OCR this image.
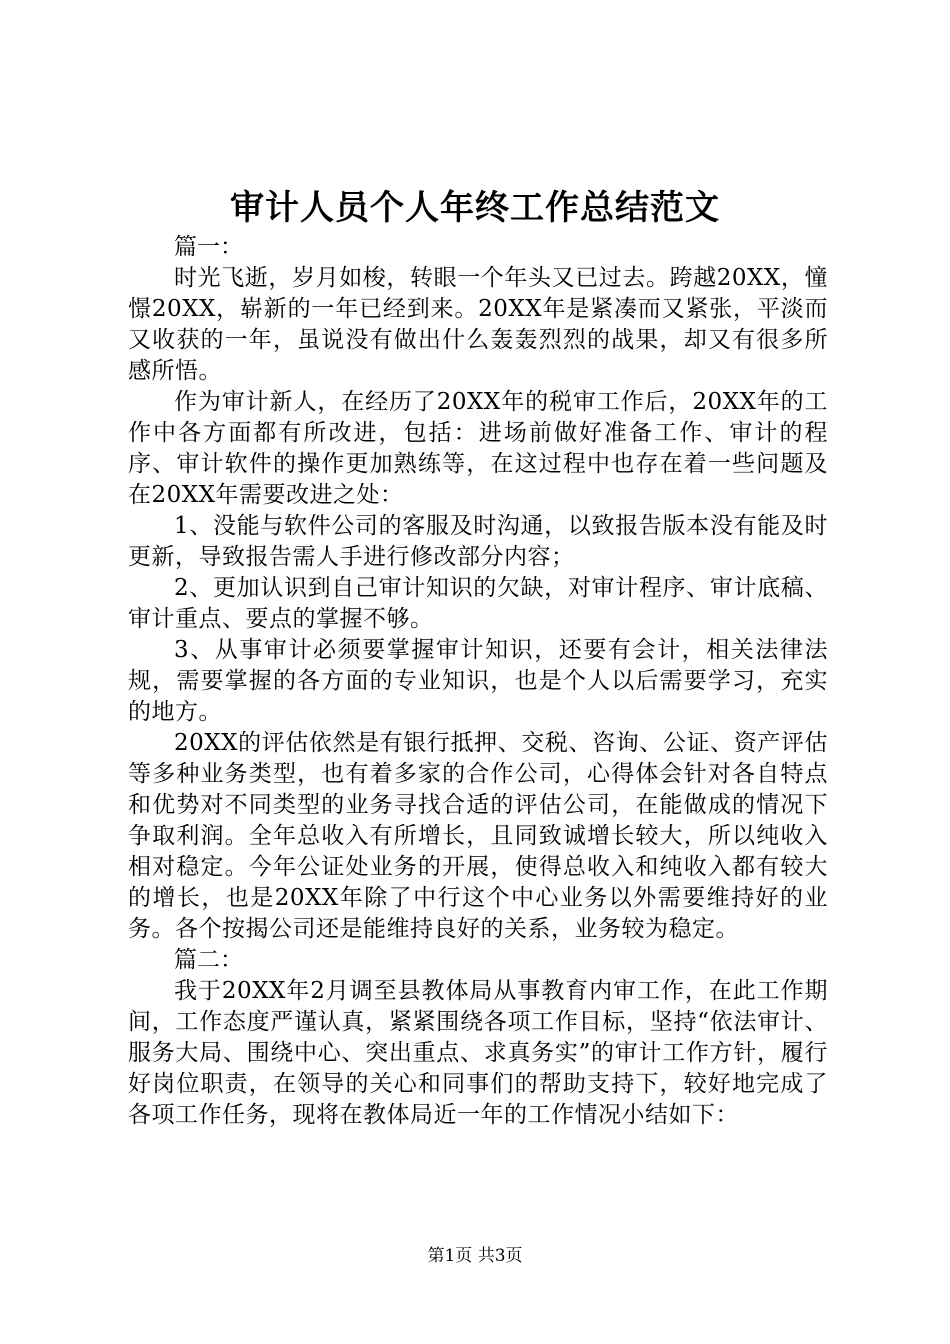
审计人员个人年终工作总结范文

篇一：

时光飞逝，岁月如梭，转眼一个年头又已过去。跨越20XX，憧憬20XX，崭新的一年已经到来。20XX年是紧凑而又紧张，平淡而又收获的一年，虽说没有做出什么轰轰烈烈的战果，却又有很多所感所悟。

作为审计新人，在经历了20XX年的税审工作后，20XX年的工作中各方面都有所改进，包括：进场前做好准备工作、审计的程序、审计软件的操作更加熟练等，在这过程中也存在着一些问题及在20XX年需要改进之处：

1、没能与软件公司的客服及时沟通，以致报告版本没有能及时更新，导致报告需人手进行修改部分内容；

2、更加认识到自己审计知识的欠缺，对审计程序、审计底稿、审计重点、要点的掌握不够。

3、从事审计必须要掌握审计知识，还要有会计，相关法律法规，需要掌握的各方面的专业知识，也是个人以后需要学习，充实的地方。

20XX的评估依然是有银行抵押、交税、咨询、公证、资产评估等多种业务类型，也有着多家的合作公司，心得体会针对各自特点和优势对不同类型的业务寻找合适的评估公司，在能做成的情况下争取利润。全年总收入有所增长，且同致诚增长较大，所以纯收入相对稳定。今年公证处业务的开展，使得总收入和纯收入都有较大的增长，也是20XX年除了中行这个中心业务以外需要维持好的业务。各个按揭公司还是能维持良好的关系，业务较为稳定。

篇二：

我于20XX年2月调至县教体局从事教育内审工作，在此工作期间，工作态度严谨认真，紧紧围绕各项工作目标，坚持“依法审计、服务大局、围绕中心、突出重点、求真务实”的审计工作方针，履行好岗位职责，在领导的关心和同事们的帮助支持下，较好地完成了各项工作任务，现将在教体局近一年的工作情况小结如下：

第1页 共3页
